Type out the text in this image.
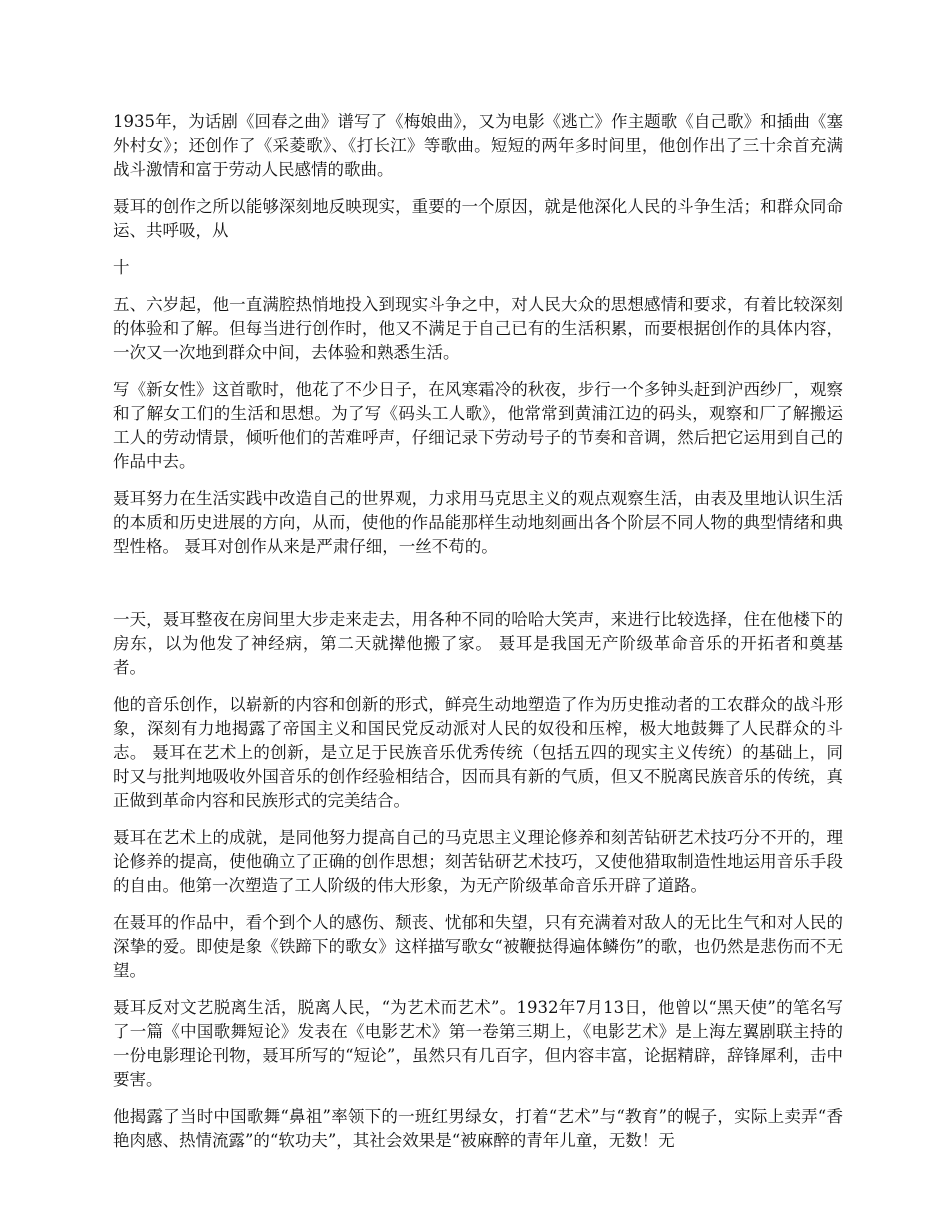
1935年，为话剧《回春之曲》谱写了《梅娘曲》，又为电影《逃亡》作主题歌《自己歌》和插曲《塞外村女》；还创作了《采菱歌》、《打长江》等歌曲。短短的两年多时间里，他创作出了三十余首充满战斗激情和富于劳动人民感情的歌曲。

聂耳的创作之所以能够深刻地反映现实，重要的一个原因，就是他深化人民的斗争生活；和群众同命运、共呼吸，从

十

五、六岁起，他一直满腔热悄地投入到现实斗争之中，对人民大众的思想感情和要求，有着比较深刻的体验和了解。但每当进行创作时，他又不满足于自己已有的生活积累，而要根据创作的具体内容，一次又一次地到群众中间，去体验和熟悉生活。

写《新女性》这首歌时，他花了不少日子，在风寒霜冷的秋夜，步行一个多钟头赶到沪西纱厂，观察和了解女工们的生活和思想。为了写《码头工人歌》，他常常到黄浦江边的码头，观察和厂了解搬运工人的劳动情景，倾听他们的苦难呼声，仔细记录下劳动号子的节奏和音调，然后把它运用到自己的作品中去。

聂耳努力在生活实践中改造自己的世界观，力求用马克思主义的观点观察生活，由表及里地认识生活的本质和历史进展的方向，从而，使他的作品能那样生动地刻画出各个阶层不同人物的典型情绪和典型性格。 聂耳对创作从来是严肃仔细，一丝不苟的。

一天，聂耳整夜在房间里大步走来走去，用各种不同的哈哈大笑声，来进行比较选择，住在他楼下的房东，以为他发了神经病，第二天就撵他搬了家。 聂耳是我国无产阶级革命音乐的开拓者和奠基者。

他的音乐创作，以崭新的内容和创新的形式，鲜亮生动地塑造了作为历史推动者的工农群众的战斗形象，深刻有力地揭露了帝国主义和国民党反动派对人民的奴役和压榨，极大地鼓舞了人民群众的斗志。 聂耳在艺术上的创新，是立足于民族音乐优秀传统（包括五四的现实主义传统）的基础上，同时又与批判地吸收外国音乐的创作经验相结合，因而具有新的气质，但又不脱离民族音乐的传统，真正做到革命内容和民族形式的完美结合。

聂耳在艺术上的成就，是同他努力提高自己的马克思主义理论修养和刻苦钻研艺术技巧分不开的，理论修养的提高，使他确立了正确的创作思想；刻苦钻研艺术技巧，又使他猎取制造性地运用音乐手段的自由。他第一次塑造了工人阶级的伟大形象，为无产阶级革命音乐开辟了道路。

在聂耳的作品中，看个到个人的感伤、颓丧、忧郁和失望，只有充满着对敌人的无比生气和对人民的深挚的爱。即使是象《铁蹄下的歌女》这样描写歌女“被鞭挞得遍体鳞伤”的歌，也仍然是悲伤而不无望。

聂耳反对文艺脱离生活，脱离人民，“为艺术而艺术”。1932年7月13日，他曾以“黑天使”的笔名写了一篇《中国歌舞短论》发表在《电影艺术》第一卷第三期上，《电影艺术》是上海左翼剧联主持的一份电影理论刊物，聂耳所写的“短论”，虽然只有几百字，但内容丰富，论据精辟，辞锋犀利，击中要害。

他揭露了当时中国歌舞“鼻祖”率领下的一班红男绿女，打着“艺术”与“教育”的幌子，实际上卖弄“香艳肉感、热情流露”的“软功夫”，其社会效果是“被麻醉的青年儿童，无数！无
